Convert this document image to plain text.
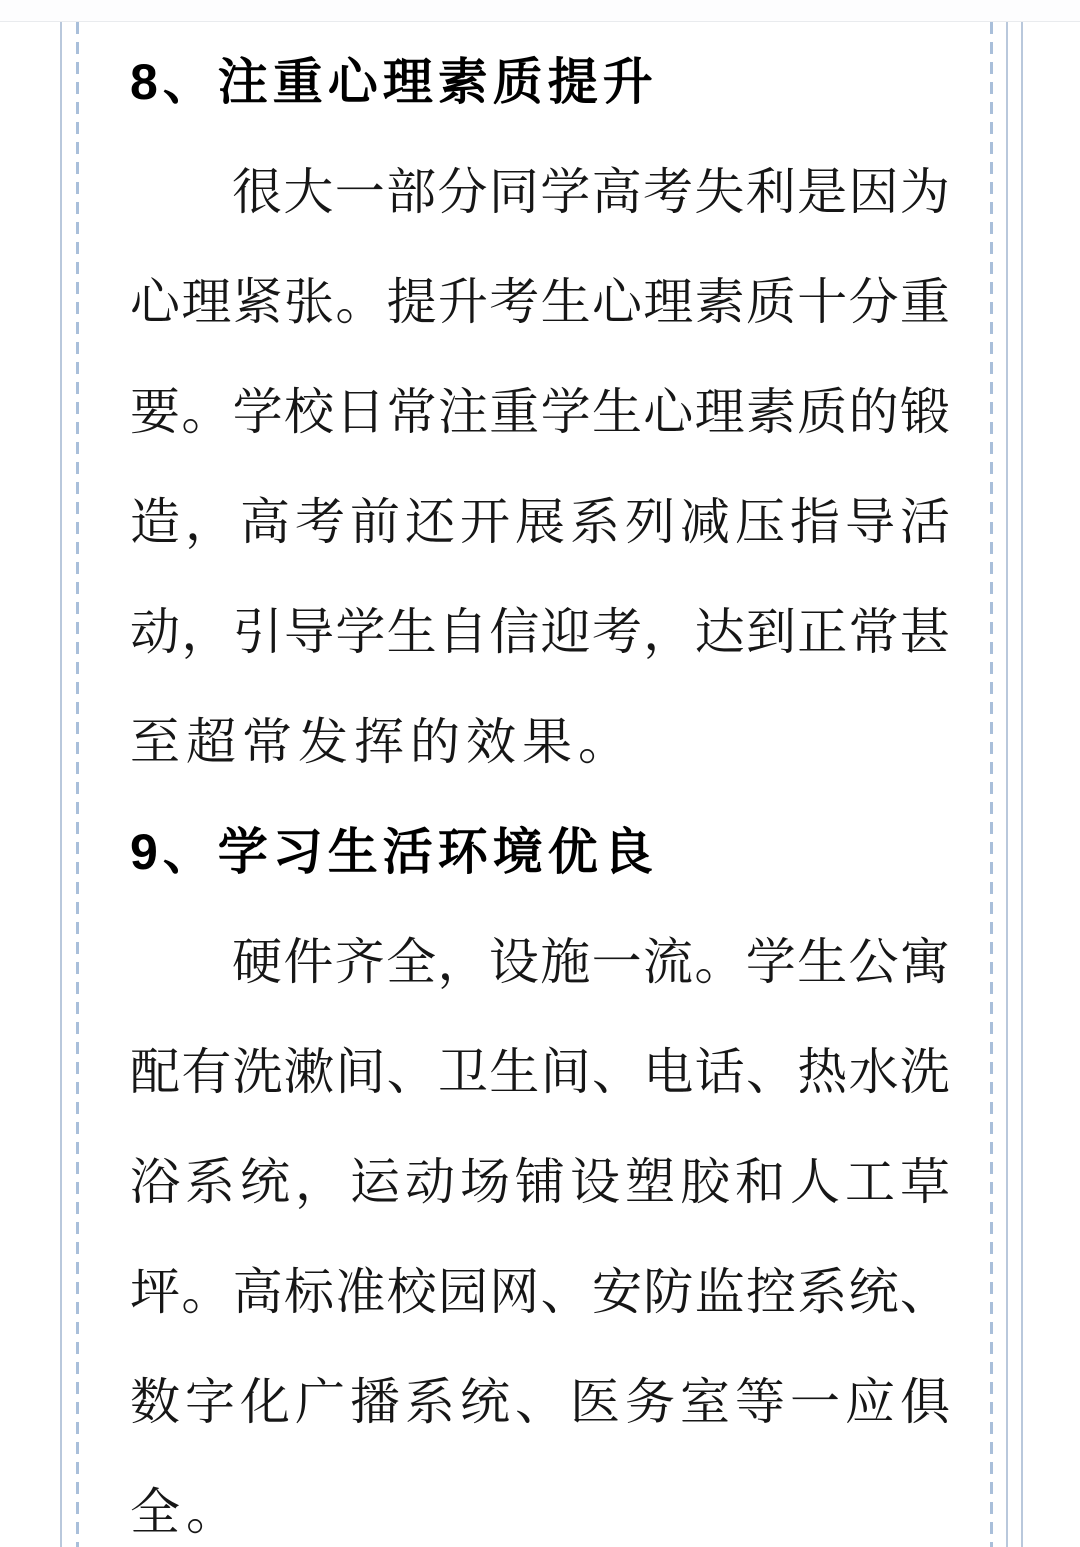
8、注重心理素质提升
很 大 一 部 分 同 学 高 考 失 利 是 因 为
心 理 紧 张 。 提 升 考 生 心 理 素 质 十 分 重
要 。 学 校 日 常 注 重 学 生 心 理 素 质 的 锻
造 ， 高 考 前 还 开 展 系 列 减 压 指 导 活
动 ， 引 导 学 生 自 信 迎 考 ， 达 到 正 常 甚
至超常发挥的效果。
9、学习生活环境优良
硬 件 齐 全 ， 设 施 一 流 。 学 生 公 寓
配 有 洗 漱 间 、 卫 生 间 、 电 话 、 热 水 洗
浴 系 统 ， 运 动 场 铺 设 塑 胶 和 人 工 草
坪 。 高 标 准 校 园 网 、 安 防 监 控 系 统 、
数 字 化 广 播 系 统 、 医 务 室 等 一 应 俱
全。
